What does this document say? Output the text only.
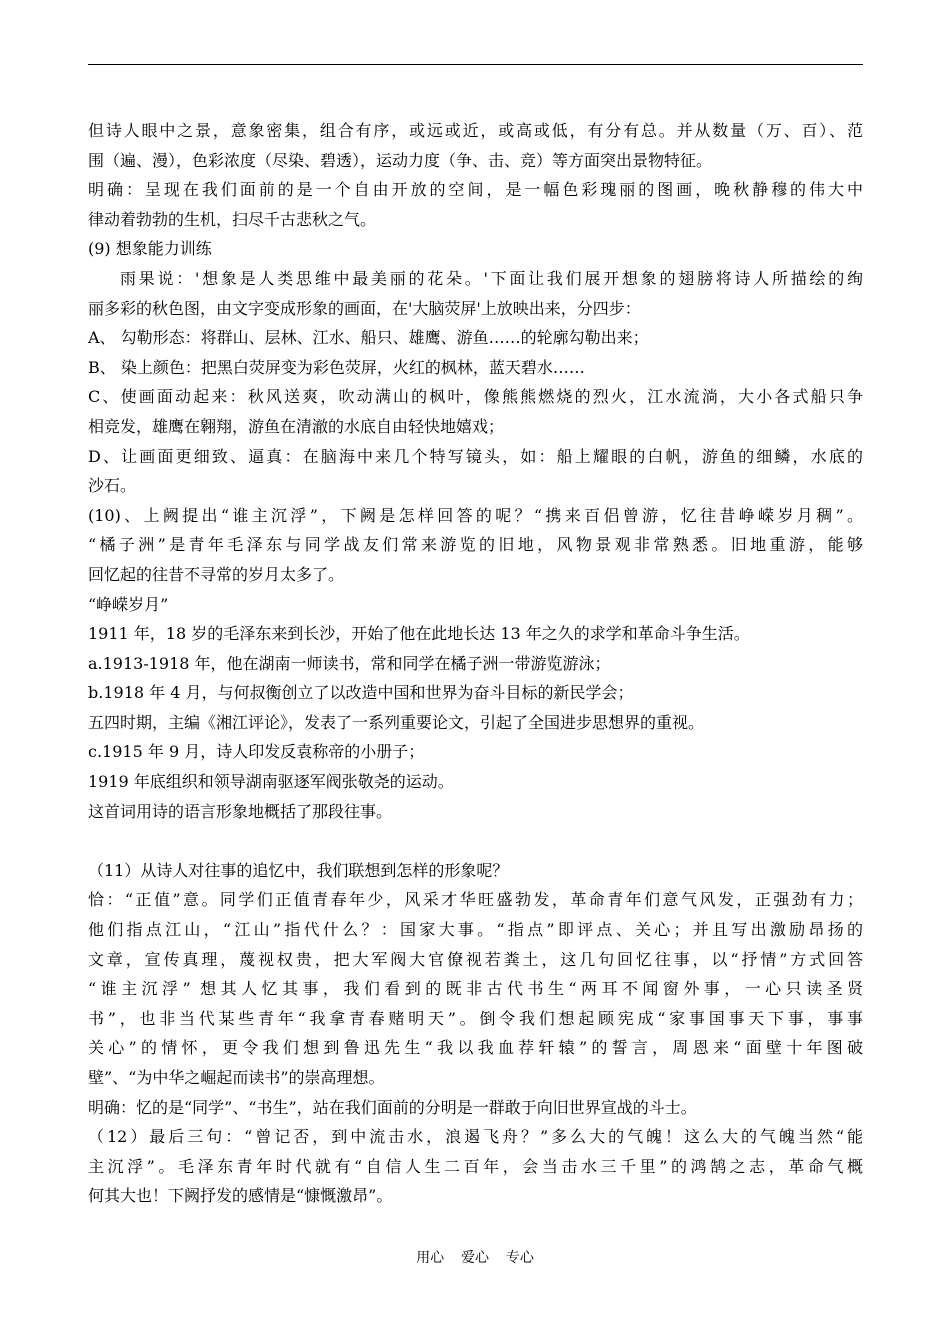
但诗人眼中之景，意象密集，组合有序，或远或近，或高或低，有分有总。并从数量（万、百）、范
围（遍、漫），色彩浓度（尽染、碧透），运动力度（争、击、竞）等方面突出景物特征。
明确：呈现在我们面前的是一个自由开放的空间，是一幅色彩瑰丽的图画，晚秋静穆的伟大中
律动着勃勃的生机，扫尽千古悲秋之气。
(9) 想象能力训练
雨果说：'想象是人类思维中最美丽的花朵。'下面让我们展开想象的翅膀将诗人所描绘的绚
丽多彩的秋色图，由文字变成形象的画面，在'大脑荧屏'上放映出来，分四步：
A、 勾勒形态：将群山、层林、江水、船只、雄鹰、游鱼……的轮廓勾勒出来；
B、 染上颜色：把黑白荧屏变为彩色荧屏，火红的枫林，蓝天碧水……
C、使画面动起来：秋风送爽，吹动满山的枫叶，像熊熊燃烧的烈火，江水流淌，大小各式船只争
相竞发，雄鹰在翱翔，游鱼在清澈的水底自由轻快地嬉戏；
D、让画面更细致、逼真：在脑海中来几个特写镜头，如：船上耀眼的白帆，游鱼的细鳞，水底的
沙石。
(10)、上阙提出“谁主沉浮”，下阙是怎样回答的呢？“携来百侣曾游，忆往昔峥嵘岁月稠”。
“橘子洲”是青年毛泽东与同学战友们常来游览的旧地，风物景观非常熟悉。旧地重游，能够
回忆起的往昔不寻常的岁月太多了。
“峥嵘岁月”
1911 年，18 岁的毛泽东来到长沙，开始了他在此地长达 13 年之久的求学和革命斗争生活。
a.1913-1918 年，他在湖南一师读书，常和同学在橘子洲一带游览游泳；
b.1918 年 4 月，与何叔衡创立了以改造中国和世界为奋斗目标的新民学会；
五四时期，主编《湘江评论》，发表了一系列重要论文，引起了全国进步思想界的重视。
c.1915 年 9 月，诗人印发反袁称帝的小册子；
1919 年底组织和领导湖南驱逐军阀张敬尧的运动。
这首词用诗的语言形象地概括了那段往事。
（11）从诗人对往事的追忆中，我们联想到怎样的形象呢？
恰：“正值”意。同学们正值青春年少，风采才华旺盛勃发，革命青年们意气风发，正强劲有力；
他们指点江山，“江山”指代什么？：国家大事。“指点”即评点、关心；并且写出激励昂扬的
文章，宣传真理，蔑视权贵，把大军阀大官僚视若粪土，这几句回忆往事，以“抒情”方式回答
“谁主沉浮” 想其人忆其事，我们看到的既非古代书生“两耳不闻窗外事，一心只读圣贤
书”，也非当代某些青年“我拿青春赌明天”。倒令我们想起顾宪成“家事国事天下事，事事
关心”的情怀，更令我们想到鲁迅先生“我以我血荐轩辕”的誓言，周恩来“面壁十年图破
壁”、“为中华之崛起而读书”的崇高理想。
明确：忆的是“同学”、“书生”，站在我们面前的分明是一群敢于向旧世界宣战的斗士。
（12）最后三句：“曾记否，到中流击水，浪遏飞舟？”多么大的气魄！这么大的气魄当然“能
主沉浮”。毛泽东青年时代就有“自信人生二百年，会当击水三千里”的鸿鹄之志，革命气概
何其大也！下阙抒发的感情是“慷慨激昂”。
用心  爱心  专心
